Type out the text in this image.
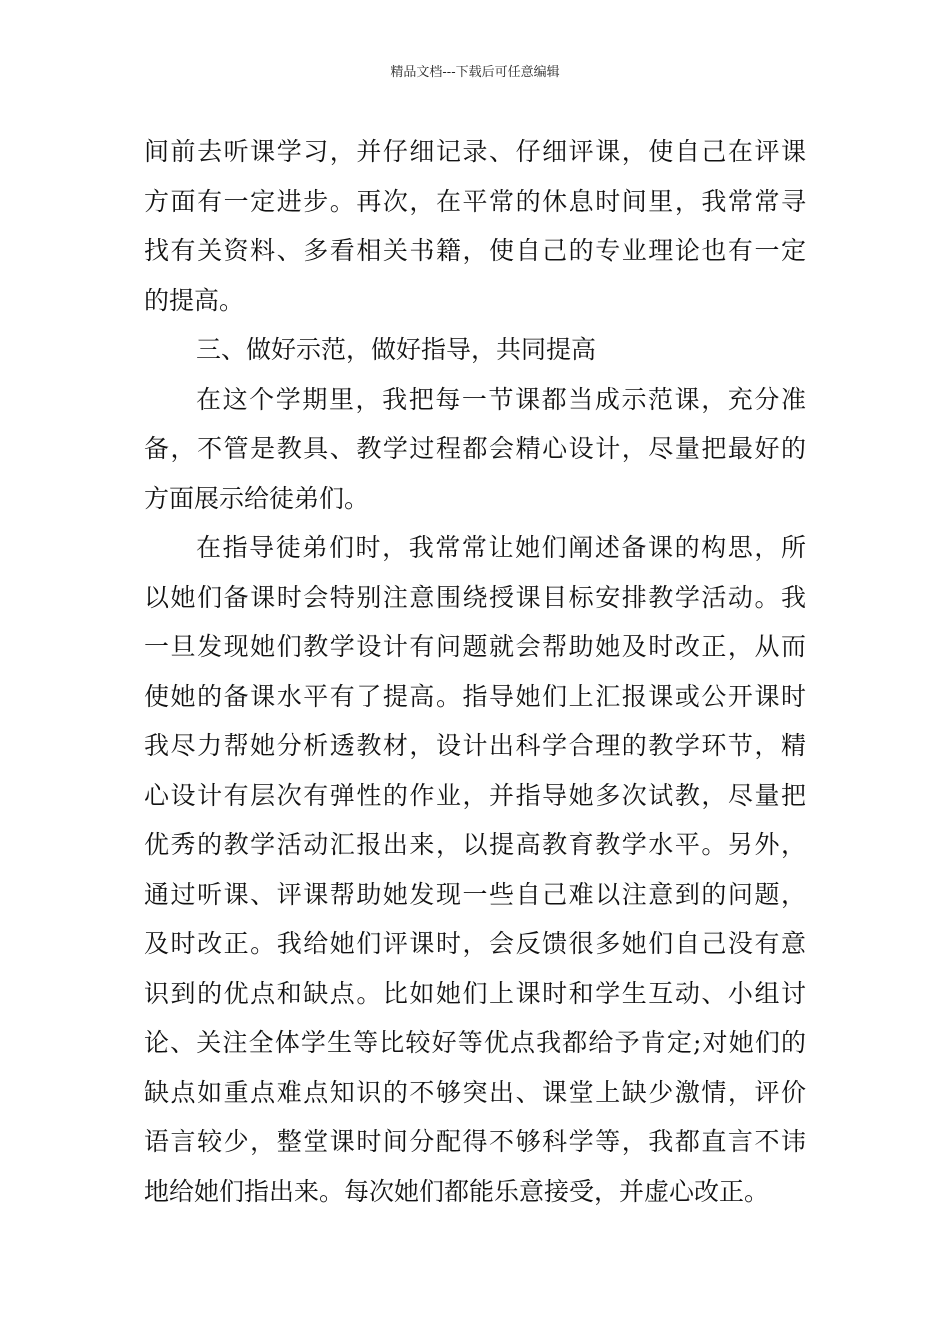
精品文档---下载后可任意编辑
间前去听课学习，并仔细记录、仔细评课，使自己在评课
方面有一定进步。再次，在平常的休息时间里，我常常寻
找有关资料、多看相关书籍，使自己的专业理论也有一定
的提高。
三、做好示范，做好指导，共同提高
在这个学期里，我把每一节课都当成示范课，充分准
备，不管是教具、教学过程都会精心设计，尽量把最好的
方面展示给徒弟们。
在指导徒弟们时，我常常让她们阐述备课的构思，所
以她们备课时会特别注意围绕授课目标安排教学活动。我
一旦发现她们教学设计有问题就会帮助她及时改正，从而
使她的备课水平有了提高。指导她们上汇报课或公开课时
我尽力帮她分析透教材，设计出科学合理的教学环节，精
心设计有层次有弹性的作业，并指导她多次试教，尽量把
优秀的教学活动汇报出来，以提高教育教学水平。另外，
通过听课、评课帮助她发现一些自己难以注意到的问题，
及时改正。我给她们评课时，会反馈很多她们自己没有意
识到的优点和缺点。比如她们上课时和学生互动、小组讨
论、关注全体学生等比较好等优点我都给予肯定;对她们的
缺点如重点难点知识的不够突出、课堂上缺少激情，评价
语言较少，整堂课时间分配得不够科学等，我都直言不讳
地给她们指出来。每次她们都能乐意接受，并虚心改正。
